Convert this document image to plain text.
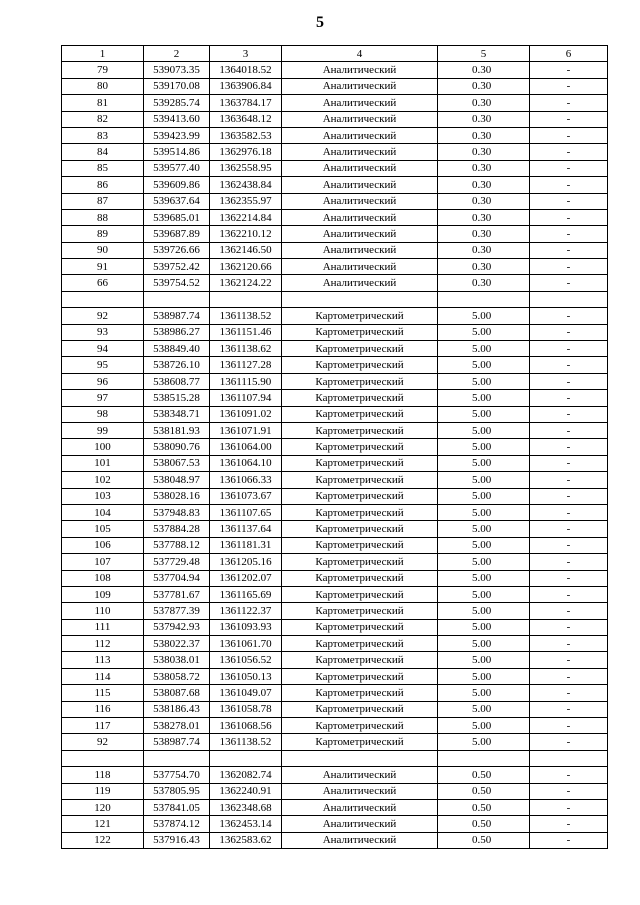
5
1	2	3	4	5	6
79	539073.35	1364018.52	Аналитический	0.30	-
80	539170.08	1363906.84	Аналитический	0.30	-
81	539285.74	1363784.17	Аналитический	0.30	-
82	539413.60	1363648.12	Аналитический	0.30	-
83	539423.99	1363582.53	Аналитический	0.30	-
84	539514.86	1362976.18	Аналитический	0.30	-
85	539577.40	1362558.95	Аналитический	0.30	-
86	539609.86	1362438.84	Аналитический	0.30	-
87	539637.64	1362355.97	Аналитический	0.30	-
88	539685.01	1362214.84	Аналитический	0.30	-
89	539687.89	1362210.12	Аналитический	0.30	-
90	539726.66	1362146.50	Аналитический	0.30	-
91	539752.42	1362120.66	Аналитический	0.30	-
66	539754.52	1362124.22	Аналитический	0.30	-

92	538987.74	1361138.52	Картометрический	5.00	-
93	538986.27	1361151.46	Картометрический	5.00	-
94	538849.40	1361138.62	Картометрический	5.00	-
95	538726.10	1361127.28	Картометрический	5.00	-
96	538608.77	1361115.90	Картометрический	5.00	-
97	538515.28	1361107.94	Картометрический	5.00	-
98	538348.71	1361091.02	Картометрический	5.00	-
99	538181.93	1361071.91	Картометрический	5.00	-
100	538090.76	1361064.00	Картометрический	5.00	-
101	538067.53	1361064.10	Картометрический	5.00	-
102	538048.97	1361066.33	Картометрический	5.00	-
103	538028.16	1361073.67	Картометрический	5.00	-
104	537948.83	1361107.65	Картометрический	5.00	-
105	537884.28	1361137.64	Картометрический	5.00	-
106	537788.12	1361181.31	Картометрический	5.00	-
107	537729.48	1361205.16	Картометрический	5.00	-
108	537704.94	1361202.07	Картометрический	5.00	-
109	537781.67	1361165.69	Картометрический	5.00	-
110	537877.39	1361122.37	Картометрический	5.00	-
111	537942.93	1361093.93	Картометрический	5.00	-
112	538022.37	1361061.70	Картометрический	5.00	-
113	538038.01	1361056.52	Картометрический	5.00	-
114	538058.72	1361050.13	Картометрический	5.00	-
115	538087.68	1361049.07	Картометрический	5.00	-
116	538186.43	1361058.78	Картометрический	5.00	-
117	538278.01	1361068.56	Картометрический	5.00	-
92	538987.74	1361138.52	Картометрический	5.00	-

118	537754.70	1362082.74	Аналитический	0.50	-
119	537805.95	1362240.91	Аналитический	0.50	-
120	537841.05	1362348.68	Аналитический	0.50	-
121	537874.12	1362453.14	Аналитический	0.50	-
122	537916.43	1362583.62	Аналитический	0.50	-
